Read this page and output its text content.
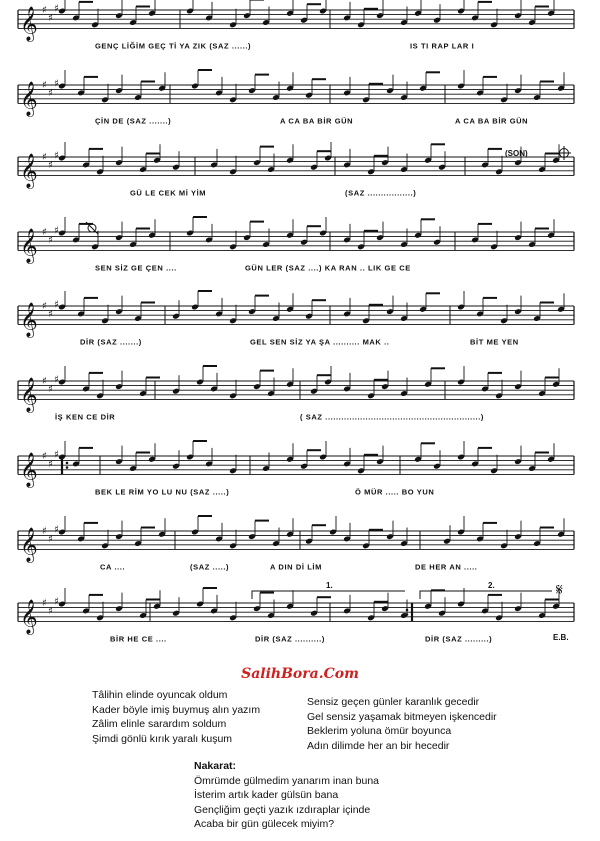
𝄞 ♯
♯
♯
GENÇ LİĞİM GEÇ Tİ YA ZIK (SAZ ......)	IS TI RAP LAR I
𝄞 ♯
♯
♯
ÇİN DE (SAZ .......)	A CA BA BİR GÜN	A CA BA BİR GÜN
𝄞 ♯
♯
♯
GÜ LE CEK Mİ YİM	(SAZ .................)
𝄞 ♯
♯
♯
SEN SİZ GE ÇEN ....	GÜN LER (SAZ ....) KA RAN .. LIK GE CE
𝄞 ♯
♯
♯
DİR (SAZ .......)	GEL SEN SİZ YA ŞA .......... MAK ..	BİT ME YEN
𝄞 ♯
♯
♯
İŞ KEN CE DİR	( SAZ ..........................................................)
𝄞 ♯
♯
♯
BEK LE RİM YO LU NU (SAZ .....)	Ö MÜR ..... BO YUN
𝄞 ♯
♯
♯
CA ....	(SAZ .....)	A DIN Dİ LİM	DE HER AN .....
𝄞 ♯
♯
♯
BİR HE CE ....	DİR (SAZ ..........)	DİR (SAZ .........)
(SON)
1.	2.
E.B.
𝄋
SalihBora.Com
Tâlihin elinde oyuncak oldum
Kader böyle imiş buymuş alın yazım
Zâlim elinle sarardım soldum
Şimdi gönlü kırık yaralı kuşum
Sensiz geçen günler karanlık gecedir
Gel sensiz yaşamak bitmeyen işkencedir
Beklerim yoluna ömür boyunca
Adın dilimde her an bir hecedir
Nakarat:
Ömrümde gülmedim yanarım inan buna
İsterim artık kader gülsün bana
Gençliğim geçti yazık ızdıraplar içinde
Acaba bir gün gülecek miyim?
